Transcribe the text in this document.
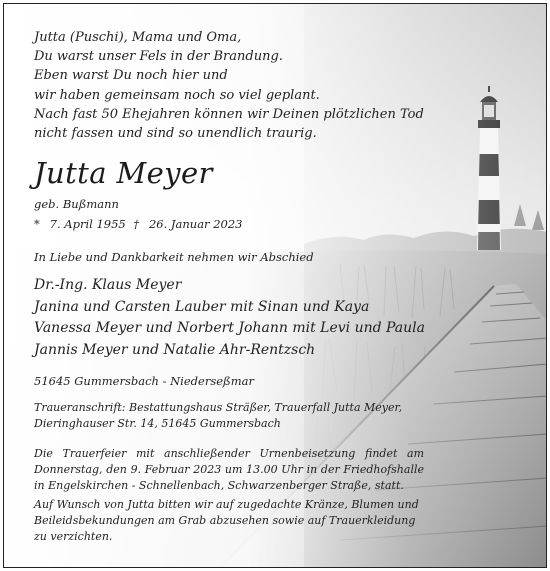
Jutta (Puschi), Mama und Oma,
Du warst unser Fels in der Brandung.
Eben warst Du noch hier und
wir haben gemeinsam noch so viel geplant.
Nach fast 50 Ehejahren können wir Deinen plötzlichen Tod
nicht fassen und sind so unendlich traurig.
Jutta Meyer
geb. Bußmann
* 7. April 1955 † 26. Januar 2023
In Liebe und Dankbarkeit nehmen wir Abschied
Dr.-Ing. Klaus Meyer
Janina und Carsten Lauber mit Sinan und Kaya
Vanessa Meyer und Norbert Johann mit Levi und Paula
Jannis Meyer und Natalie Ahr-Rentzsch
51645 Gummersbach - Niederseßmar
Traueranschrift: Bestattungshaus Sträßer, Trauerfall Jutta Meyer,
Dieringhauser Str. 14, 51645 Gummersbach
Die Trauerfeier mit anschließender Urnenbeisetzung findet am
Donnerstag, den 9. Februar 2023 um 13.00 Uhr in der Friedhofshalle
in Engelskirchen - Schnellenbach, Schwarzenberger Straße, statt.
Auf Wunsch von Jutta bitten wir auf zugedachte Kränze, Blumen und
Beileidsbekundungen am Grab abzusehen sowie auf Trauerkleidung
zu verzichten.
